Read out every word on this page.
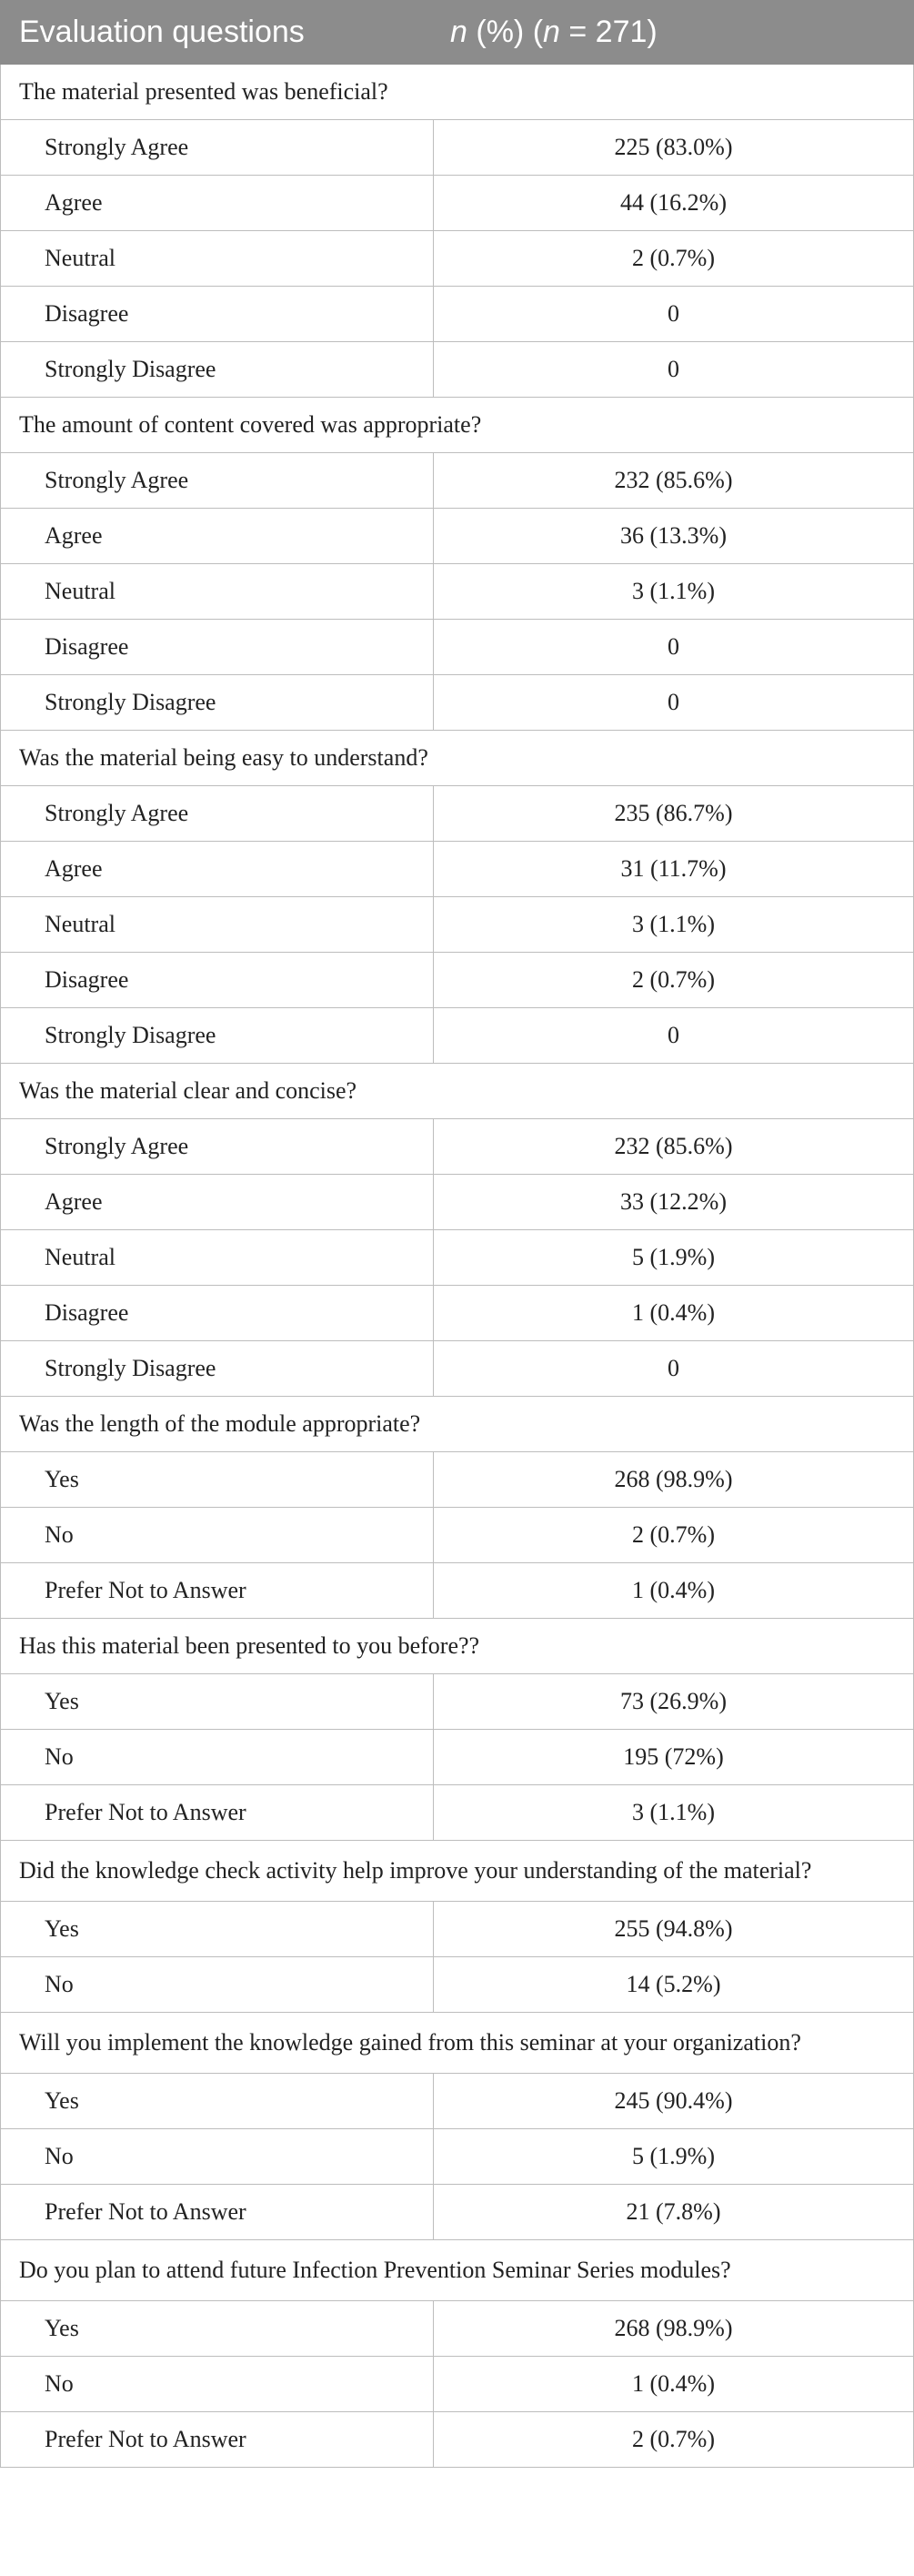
Evaluation questions	n (%) (n = 271)
The material presented was beneficial?	
Strongly Agree	225 (83.0%)
Agree	44 (16.2%)
Neutral	2 (0.7%)
Disagree	0
Strongly Disagree	0
The amount of content covered was appropriate?	
Strongly Agree	232 (85.6%)
Agree	36 (13.3%)
Neutral	3 (1.1%)
Disagree	0
Strongly Disagree	0
Was the material being easy to understand?	
Strongly Agree	235 (86.7%)
Agree	31 (11.7%)
Neutral	3 (1.1%)
Disagree	2 (0.7%)
Strongly Disagree	0
Was the material clear and concise?	
Strongly Agree	232 (85.6%)
Agree	33 (12.2%)
Neutral	5 (1.9%)
Disagree	1 (0.4%)
Strongly Disagree	0
Was the length of the module appropriate?	
Yes	268 (98.9%)
No	2 (0.7%)
Prefer Not to Answer	1 (0.4%)
Has this material been presented to you before??	
Yes	73 (26.9%)
No	195 (72%)
Prefer Not to Answer	3 (1.1%)
Did the knowledge check activity help improve your understanding of the material?	
Yes	255 (94.8%)
No	14 (5.2%)
Will you implement the knowledge gained from this seminar at your organization?	
Yes	245 (90.4%)
No	5 (1.9%)
Prefer Not to Answer	21 (7.8%)
Do you plan to attend future Infection Prevention Seminar Series modules?	
Yes	268 (98.9%)
No	1 (0.4%)
Prefer Not to Answer	2 (0.7%)
